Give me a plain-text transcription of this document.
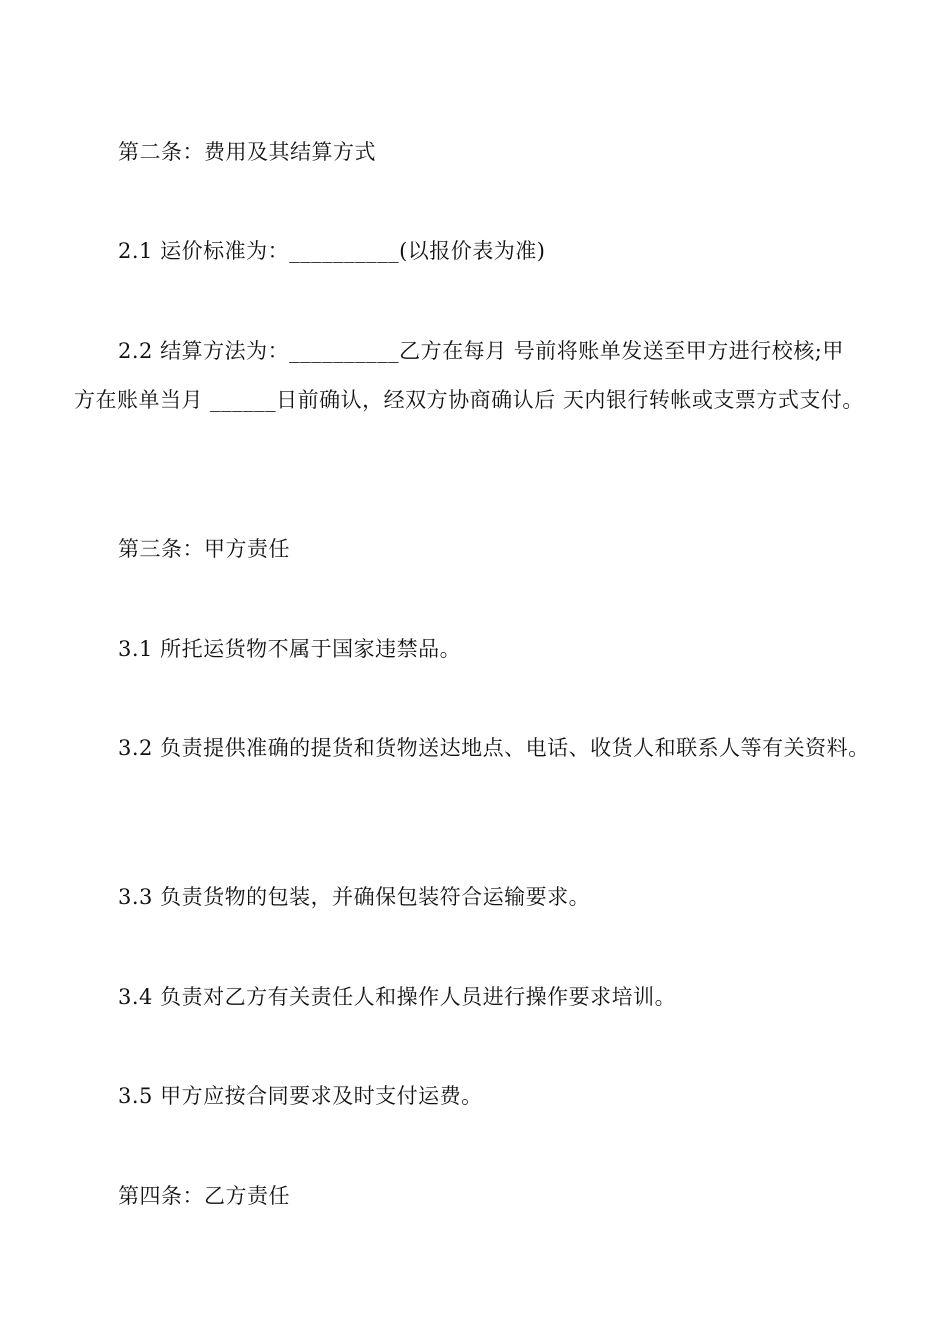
第二条：费用及其结算方式
2.1 运价标准为：__________(以报价表为准)
2.2 结算方法为：__________乙方在每月 号前将账单发送至甲方进行校核;甲
方在账单当月 ______日前确认，经双方协商确认后 天内银行转帐或支票方式支付。
第三条：甲方责任
3.1 所托运货物不属于国家违禁品。
3.2 负责提供准确的提货和货物送达地点、电话、收货人和联系人等有关资料。
3.3 负责货物的包装，并确保包装符合运输要求。
3.4 负责对乙方有关责任人和操作人员进行操作要求培训。
3.5 甲方应按合同要求及时支付运费。
第四条：乙方责任
